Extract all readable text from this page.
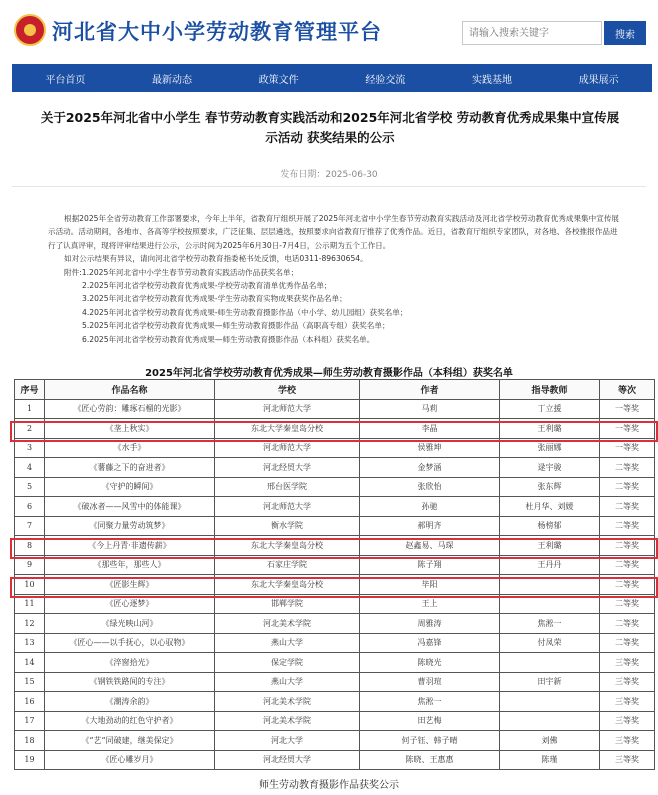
河北省大中小学劳动教育管理平台
请输入搜索关键字	搜索
平台首页	最新动态	政策文件	经验交流	实践基地	成果展示
关于2025年河北省中小学生 春节劳动教育实践活动和2025年河北省学校 劳动教育优秀成果集中宣传展示活动 获奖结果的公示
发布日期：2025-06-30

根据2025年全省劳动教育工作部署要求，今年上半年，省教育厅组织开展了2025年河北省中小学生春节劳动教育实践活动及河北省学校劳动教育优秀成果集中宣传展示活动。活动期间，各地市、各高等学校按照要求，广泛征集、层层遴选，按照要求向省教育厅推荐了优秀作品。近日，省教育厅组织专家团队，对各地、各校推报作品进行了认真评审，现将评审结果进行公示，公示时间为2025年6月30日-7月4日，公示期为五个工作日。

如对公示结果有异议，请向河北省学校劳动教育指委秘书处反馈，电话0311-89630654。

附件:1.2025年河北省中小学生春节劳动教育实践活动作品获奖名单；

2.2025年河北省学校劳动教育优秀成果-学校劳动教育清单优秀作品名单；

3.2025年河北省学校劳动教育优秀成果-学生劳动教育实物成果获奖作品名单；

4.2025年河北省学校劳动教育优秀成果-师生劳动教育摄影作品（中小学、幼儿园组）获奖名单；

5.2025年河北省学校劳动教育优秀成果—师生劳动教育摄影作品（高职高专组）获奖名单；

6.2025年河北省学校劳动教育优秀成果—师生劳动教育摄影作品（本科组）获奖名单。

2025年河北省学校劳动教育优秀成果—师生劳动教育摄影作品（本科组）获奖名单
序号	作品名称	学校	作者	指导教师	等次
1	《匠心劳韵：雕琢石榴的光影》	河北师范大学	马莉	丁立援	一等奖
2	《垄上秋实》	东北大学秦皇岛分校	李晶	王利璐	一等奖
3	《水手》	河北师范大学	侯雅坤	张丽娜	一等奖
4	《薯藤之下的奋进者》	河北经贸大学	金梦涵	逯宇骏	二等奖
5	《守护的瞬间》	邢台医学院	张欣怡	张东辉	二等奖
6	《破冰者——风雪中的体能课》	河北师范大学	孙驰	杜月华、刘媛	二等奖
7	《同聚力量劳动筑梦》	衡水学院	郝明齐	杨榜郁	二等奖
8	《今上丹青·非遗传薪》	东北大学秦皇岛分校	赵鑫易、马琛	王利璐	二等奖
9	《那些年，那些人》	石家庄学院	陈子翔	王丹丹	二等奖
10	《匠影生辉》	东北大学秦皇岛分校	毕阳		二等奖
11	《匠心逐梦》	邯郸学院	王上		二等奖
12	《绿光映山河》	河北美术学院	周雅涛	焦淞一	二等奖
13	《匠心——以手抚心，以心驭物》	燕山大学	冯嘉锋	付凤荣	二等奖
14	《淬窗拾光》	保定学院	陈晓光		三等奖
15	《钢铁铁路间的专注》	燕山大学	曹羽瑄	田宇新	三等奖
16	《潮涛余韵》	河北美术学院	焦淞一		三等奖
17	《大地劲动的红色守护者》	河北美术学院	田艺梅		三等奖
18	《“艺”同破建，继美保定》	河北大学	何子钰、韩子晴	刘佛	三等奖
19	《匠心雕岁月》	河北经贸大学	陈晓、王惠惠	陈瑾	三等奖
师生劳动教育摄影作品获奖公示
